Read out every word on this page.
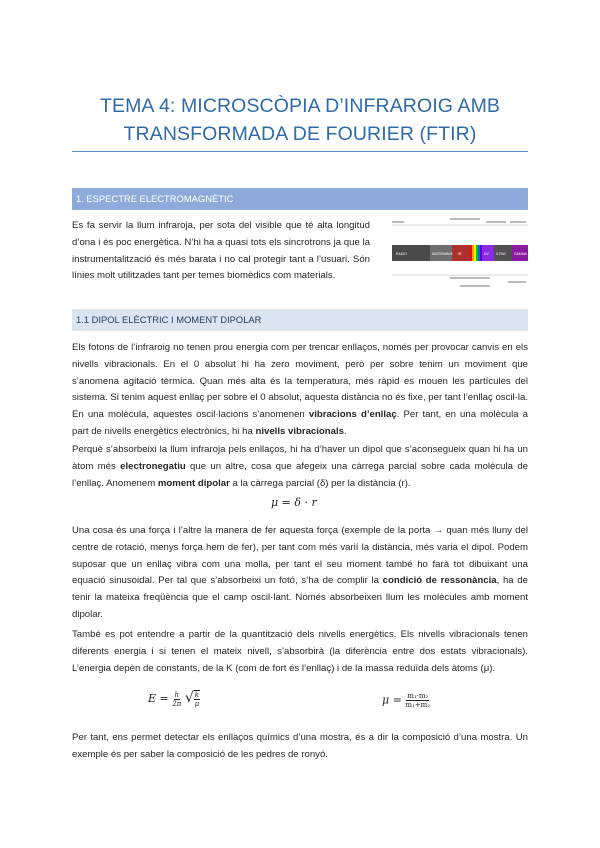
TEMA 4: MICROSCÒPIA D’INFRAROIG AMB
TRANSFORMADA DE FOURIER (FTIR)
1. ESPECTRE ELECTROMAGNÈTIC

Es fa servir la llum infraroja, per sota del visible que té alta longitud d’ona i és poc energètica. N’hi ha a quasi tots els sincrotrons ja que la instrumentalització és més barata i no cal protegir tant a l’usuari. Són línies molt utilitzades tant per temes biomèdics com materials.

RADIO	MICROWAVE IR	UV X-RAY GAMMA
1.1 DIPOL ELÈCTRIC I MOMENT DIPOLAR

Els fotons de l’infraroig no tenen prou energia com per trencar enllaços, només per provocar canvis en els nivells vibracionals. En el 0 absolut hi ha zero moviment, però per sobre tenim un moviment que s’anomena agitació tèrmica. Quan més alta és la temperatura, més ràpid es mouen les partícules del sistema. Si tenim aquest enllaç per sobre el 0 absolut, aquesta distància no és fixe, per tant l’enllaç oscil·la. En una molècula, aquestes oscil·lacions s’anomenen vibracions d’enllaç. Per tant, en una molècula a part de nivells energètics electrònics, hi ha nivells vibracionals.

Perquè s’absorbeixi la llum infraroja pels enllaços, hi ha d’haver un dipol que s’aconsegueix quan hi ha un àtom més electronegatiu que un altre, cosa que afegeix una càrrega parcial sobre cada molècula de l’enllaç. Anomenem moment dipolar a la càrrega parcial (δ) per la distància (r).

μ = δ · r

Una cosa és una força i l’altre la manera de fer aquesta força (exemple de la porta → quan més lluny del centre de rotació, menys força hem de fer), per tant com més varií la distància, més varia el dipol. Podem suposar que un enllaç vibra com una molla, per tant el seu moment també ho farà tot dibuixant una equació sinusoidal. Per tal que s’absorbeixi un fotó, s’ha de complir la condició de ressonància, ha de tenir la mateixa freqüència que el camp oscil·lant. Només absorbeixen llum les molècules amb moment dipolar.

També es pot entendre a partir de la quantització dels nivells energètics. Els nivells vibracionals tenen diferents energia i si tenen el mateix nivell, s’absorbirà (la diferència entre dos estats vibracionals). L’energia depèn de constants, de la K (com de fort és l’enllaç) i de la massa reduïda dels àtoms (μ).

$E = \frac{h}{2\pi}$ √ $\frac{k}{\mu}$	$\mu = \frac{\text{m₁·m₂}}{\text{m₁+m₂}}$

Per tant, ens permet detectar els enllaços químics d’una mostra, és a dir la composició d’una mostra. Un exemple és per saber la composició de les pedres de ronyó.
